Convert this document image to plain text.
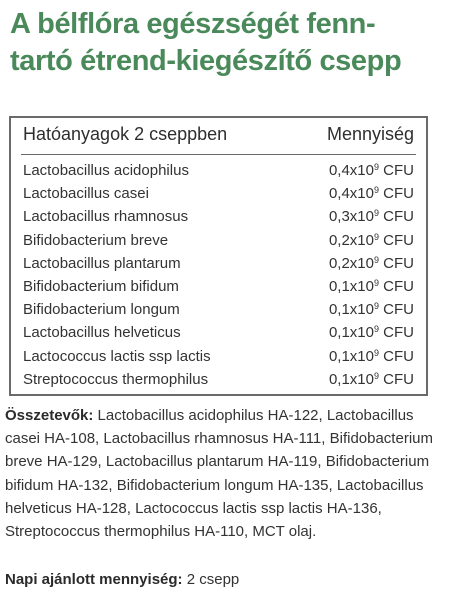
A bélflóra egészségét fenn-
tartó étrend-kiegészítő csepp
Hatóanyagok 2 cseppben	Mennyiség
Lactobacillus acidophilus	$0,4x10^9$ CFU
Lactobacillus casei	$0,4x10^9$ CFU
Lactobacillus rhamnosus	$0,3x10^9$ CFU
Bifidobacterium breve	$0,2x10^9$ CFU
Lactobacillus plantarum	$0,2x10^9$ CFU
Bifidobacterium bifidum	$0,1x10^9$ CFU
Bifidobacterium longum	$0,1x10^9$ CFU
Lactobacillus helveticus	$0,1x10^9$ CFU
Lactococcus lactis ssp lactis	$0,1x10^9$ CFU
Streptococcus thermophilus	$0,1x10^9$ CFU

Összetevők: Lactobacillus acidophilus HA-122, Lactobacillus casei HA-108, Lactobacillus rhamnosus HA-111, Bifidobacterium breve HA-129, Lactobacillus plantarum HA-119, Bifidobacterium bifidum HA-132, Bifidobacterium longum HA-135, Lactobacillus helveticus HA-128, Lactococcus lactis ssp lactis HA-136, Streptococcus thermophilus HA-110, MCT olaj.

Napi ajánlott mennyiség: 2 csepp
